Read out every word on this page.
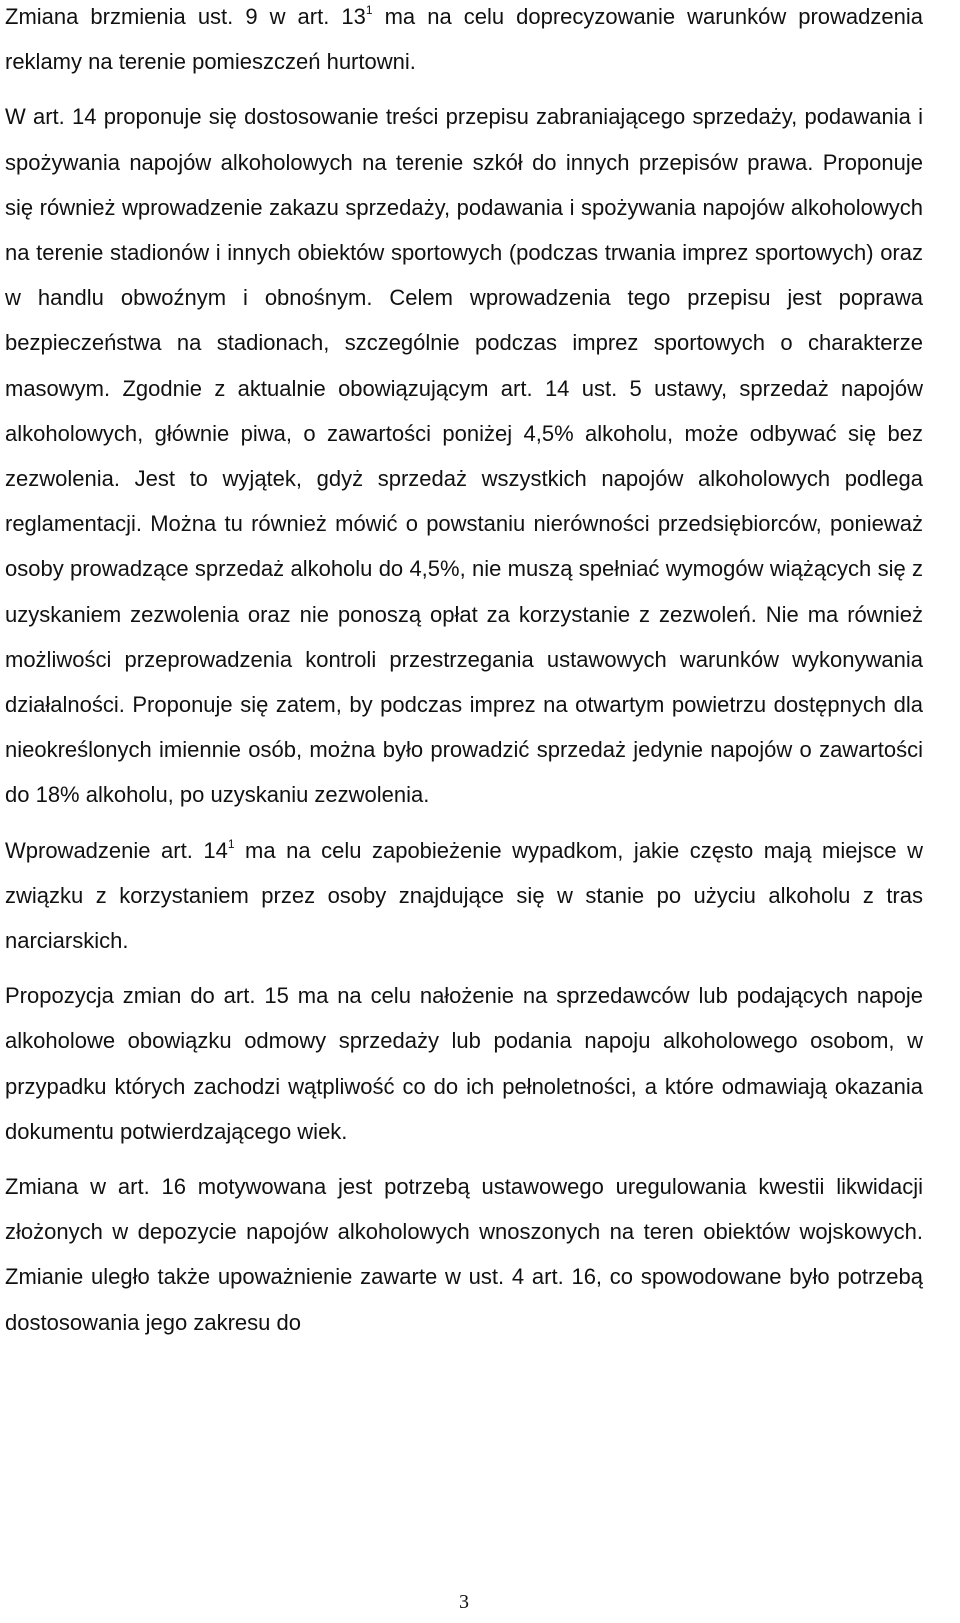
Zmiana brzmienia ust. 9 w art. $13^1$ ma na celu doprecyzowanie warunków prowadzenia reklamy na terenie pomieszczeń hurtowni.

W art. 14 proponuje się dostosowanie treści przepisu zabraniającego sprzedaży, podawania i spożywania napojów alkoholowych na terenie szkół do innych przepisów prawa. Proponuje się również wprowadzenie zakazu sprzedaży, podawania i spożywania napojów alkoholowych na terenie stadionów i innych obiektów sportowych (podczas trwania imprez sportowych) oraz w handlu obwoźnym i obnośnym. Celem wprowadzenia tego przepisu jest poprawa bezpieczeństwa na stadionach, szczególnie podczas imprez sportowych o charakterze masowym. Zgodnie z aktualnie obowiązującym art. 14 ust. 5 ustawy, sprzedaż napojów alkoholowych, głównie piwa, o zawartości poniżej 4,5% alkoholu, może odbywać się bez zezwolenia. Jest to wyjątek, gdyż sprzedaż wszystkich napojów alkoholowych podlega reglamentacji. Można tu również mówić o powstaniu nierówności przedsiębiorców, ponieważ osoby prowadzące sprzedaż alkoholu do 4,5%, nie muszą spełniać wymogów wiążących się z uzyskaniem zezwolenia oraz nie ponoszą opłat za korzystanie z zezwoleń. Nie ma również możliwości przeprowadzenia kontroli przestrzegania ustawowych warunków wykonywania działalności. Proponuje się zatem, by podczas imprez na otwartym powietrzu dostępnych dla nieokreślonych imiennie osób, można było prowadzić sprzedaż jedynie napojów o zawartości do 18% alkoholu, po uzyskaniu zezwolenia.

Wprowadzenie art. $14^1$ ma na celu zapobieżenie wypadkom, jakie często mają miejsce w związku z korzystaniem przez osoby znajdujące się w stanie po użyciu alkoholu z tras narciarskich.

Propozycja zmian do art. 15 ma na celu nałożenie na sprzedawców lub podających napoje alkoholowe obowiązku odmowy sprzedaży lub podania napoju alkoholowego osobom, w przypadku których zachodzi wątpliwość co do ich pełnoletności, a które odmawiają okazania dokumentu potwierdzającego wiek.

Zmiana w art. 16 motywowana jest potrzebą ustawowego uregulowania kwestii likwidacji złożonych w depozycie napojów alkoholowych wnoszonych na teren obiektów wojskowych. Zmianie uległo także upoważnienie zawarte w ust. 4 art. 16, co spowodowane było potrzebą dostosowania jego zakresu do

3
